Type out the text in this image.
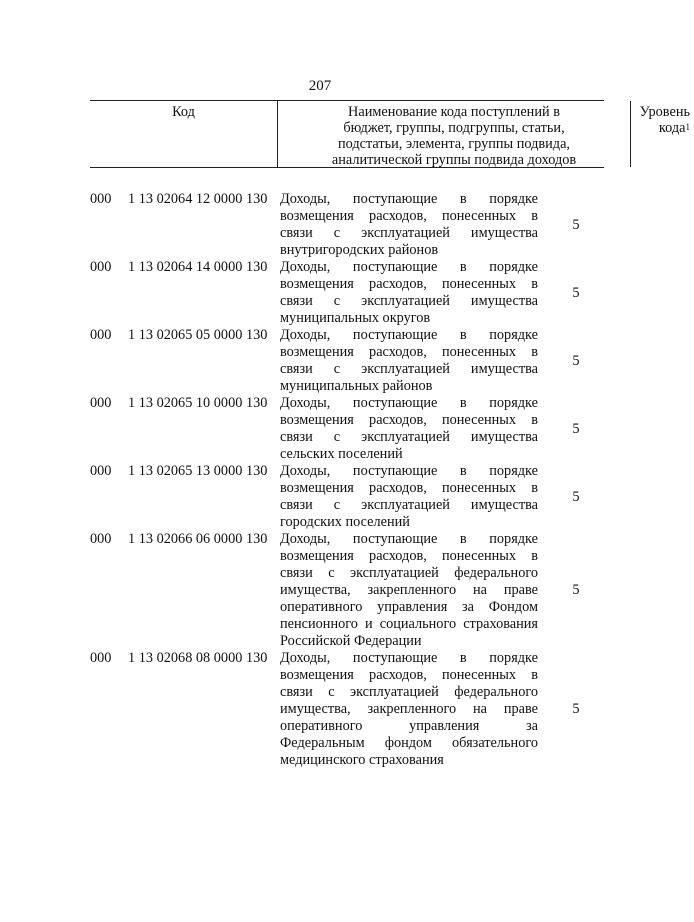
207
Код	Наименование кода поступлений в
бюджет, группы, подгруппы, статьи,
подстатьи, элемента, группы подвида,
аналитической группы подвида доходов
Уровень
кода$^1$
000 1 13 02064 12 0000 130 Доходы, поступающие в порядке
возмещения расходов, понесенных в
связи с эксплуатацией имущества
внутригородских районов
5
000 1 13 02064 14 0000 130 Доходы, поступающие в порядке
возмещения расходов, понесенных в
связи с эксплуатацией имущества
муниципальных округов
5
000 1 13 02065 05 0000 130 Доходы, поступающие в порядке
возмещения расходов, понесенных в
связи с эксплуатацией имущества
муниципальных районов
5
000 1 13 02065 10 0000 130 Доходы, поступающие в порядке
возмещения расходов, понесенных в
связи с эксплуатацией имущества
сельских поселений
5
000 1 13 02065 13 0000 130 Доходы, поступающие в порядке
возмещения расходов, понесенных в
связи с эксплуатацией имущества
городских поселений
5
000 1 13 02066 06 0000 130 Доходы, поступающие в порядке
возмещения расходов, понесенных в
связи с эксплуатацией федерального
имущества, закрепленного на праве
оперативного управления за Фондом
пенсионного и социального страхования
Российской Федерации
5
000 1 13 02068 08 0000 130 Доходы, поступающие в порядке
возмещения расходов, понесенных в
связи с эксплуатацией федерального
имущества, закрепленного на праве
оперативного управления за
Федеральным фондом обязательного
медицинского страхования
5
